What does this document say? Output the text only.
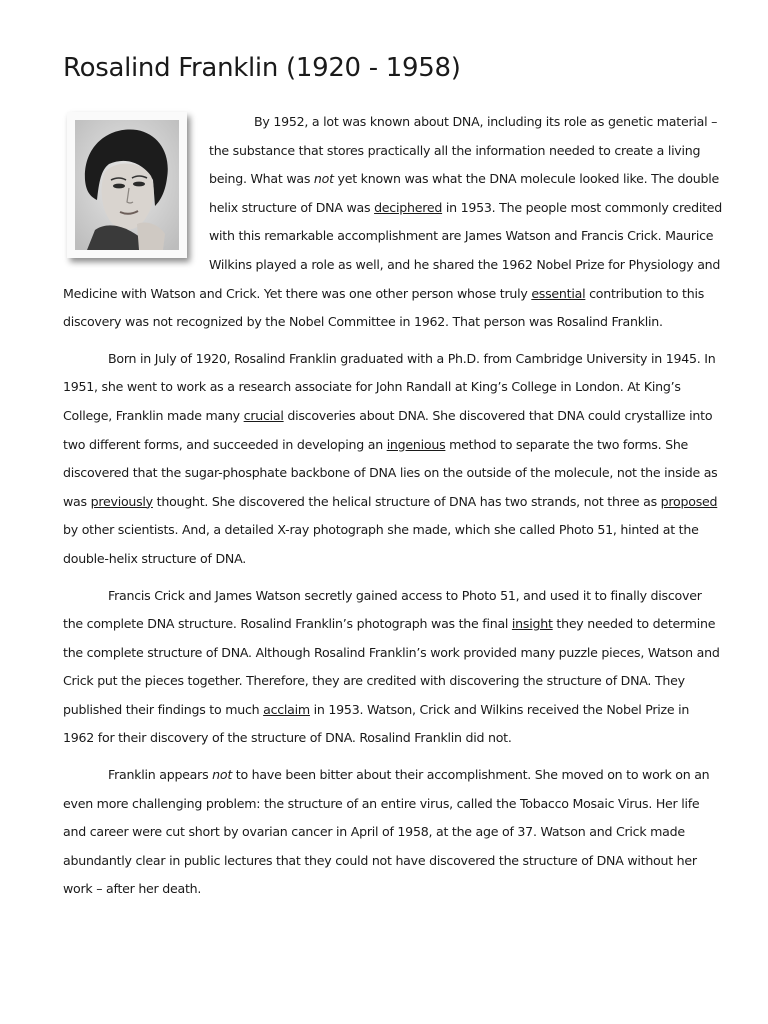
Rosalind Franklin (1920 - 1958)

By 1952, a lot was known about DNA, including its role as genetic material – the substance that stores practically all the information needed to create a living being. What was not yet known was what the DNA molecule looked like. The double helix structure of DNA was deciphered in 1953. The people most commonly credited with this remarkable accomplishment are James Watson and Francis Crick. Maurice Wilkins played a role as well, and he shared the 1962 Nobel Prize for Physiology and Medicine with Watson and Crick. Yet there was one other person whose truly essential contribution to this discovery was not recognized by the Nobel Committee in 1962. That person was Rosalind Franklin.

Born in July of 1920, Rosalind Franklin graduated with a Ph.D. from Cambridge University in 1945. In 1951, she went to work as a research associate for John Randall at King’s College in London. At King’s College, Franklin made many crucial discoveries about DNA. She discovered that DNA could crystallize into two different forms, and succeeded in developing an ingenious method to separate the two forms. She discovered that the sugar-phosphate backbone of DNA lies on the outside of the molecule, not the inside as was previously thought. She discovered the helical structure of DNA has two strands, not three as proposed by other scientists. And, a detailed X-ray photograph she made, which she called Photo 51, hinted at the double-helix structure of DNA.

Francis Crick and James Watson secretly gained access to Photo 51, and used it to finally discover the complete DNA structure. Rosalind Franklin’s photograph was the final insight they needed to determine the complete structure of DNA. Although Rosalind Franklin’s work provided many puzzle pieces, Watson and Crick put the pieces together. Therefore, they are credited with discovering the structure of DNA. They published their findings to much acclaim in 1953. Watson, Crick and Wilkins received the Nobel Prize in 1962 for their discovery of the structure of DNA. Rosalind Franklin did not.

Franklin appears not to have been bitter about their accomplishment. She moved on to work on an even more challenging problem: the structure of an entire virus, called the Tobacco Mosaic Virus. Her life and career were cut short by ovarian cancer in April of 1958, at the age of 37. Watson and Crick made abundantly clear in public lectures that they could not have discovered the structure of DNA without her work – after her death.
